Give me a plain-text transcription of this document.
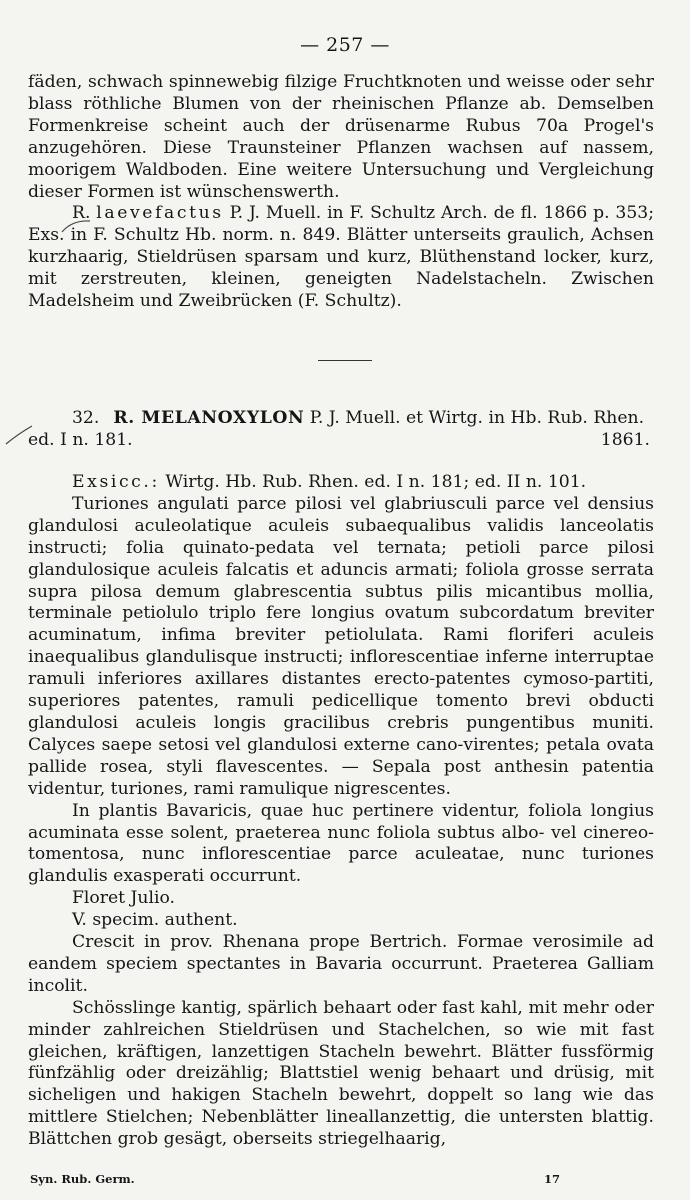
— 257 —

fäden, schwach spinnewebig filzige Fruchtknoten und weisse oder sehr blass röthliche Blumen von der rheinischen Pflanze ab. Demselben Formenkreise scheint auch der drüsenarme Rubus 70a Progel's anzugehören. Diese Traunsteiner Pflanzen wachsen auf nassem, moorigem Waldboden. Eine weitere Untersuchung und Vergleichung dieser Formen ist wünschenswerth.

R. laevefactus P. J. Muell. in F. Schultz Arch. de fl. 1866 p. 353; Exs. in F. Schultz Hb. norm. n. 849. Blätter unterseits graulich, Achsen kurzhaarig, Stieldrüsen sparsam und kurz, Blüthenstand locker, kurz, mit zerstreuten, kleinen, geneigten Nadelstacheln. Zwischen Madelsheim und Zweibrücken (F. Schultz).

32. R. MELANOXYLON
P. J. Muell. et Wirtg. in Hb. Rub. Rhen.
ed. I n. 181.	1861.

Exsicc.: Wirtg. Hb. Rub. Rhen. ed. I n. 181; ed. II n. 101.

Turiones angulati parce pilosi vel glabriusculi parce vel densius glandulosi aculeolatique aculeis subaequalibus validis lanceolatis instructi; folia quinato-pedata vel ternata; petioli parce pilosi glandulosique aculeis falcatis et aduncis armati; foliola grosse serrata supra pilosa demum glabrescentia subtus pilis micantibus mollia, terminale petiolulo triplo fere longius ovatum subcordatum breviter acuminatum, infima breviter petiolulata. Rami floriferi aculeis inaequalibus glandulisque instructi; inflorescentiae inferne interruptae ramuli inferiores axillares distantes erecto-patentes cymoso-partiti, superiores patentes, ramuli pedicellique tomento brevi obducti glandulosi aculeis longis gracilibus crebris pungentibus muniti. Calyces saepe setosi vel glandulosi externe cano-virentes; petala ovata pallide rosea, styli flavescentes. — Sepala post anthesin patentia videntur, turiones, rami ramulique nigrescentes.

In plantis Bavaricis, quae huc pertinere videntur, foliola longius acuminata esse solent, praeterea nunc foliola subtus albo- vel cinereo-tomentosa, nunc inflorescentiae parce aculeatae, nunc turiones glandulis exasperati occurrunt.

Floret Julio.

V. specim. authent.

Crescit in prov. Rhenana prope Bertrich. Formae verosimile ad eandem speciem spectantes in Bavaria occurrunt. Praeterea Galliam incolit.

Schösslinge kantig, spärlich behaart oder fast kahl, mit mehr oder minder zahlreichen Stieldrüsen und Stachelchen, so wie mit fast gleichen, kräftigen, lanzettigen Stacheln bewehrt. Blätter fussförmig fünfzählig oder dreizählig; Blattstiel wenig behaart und drüsig, mit sicheligen und hakigen Stacheln bewehrt, doppelt so lang wie das mittlere Stielchen; Nebenblätter lineallanzettig, die untersten blattig. Blättchen grob gesägt, oberseits striegelhaarig,

Syn. Rub. Germ.	17
